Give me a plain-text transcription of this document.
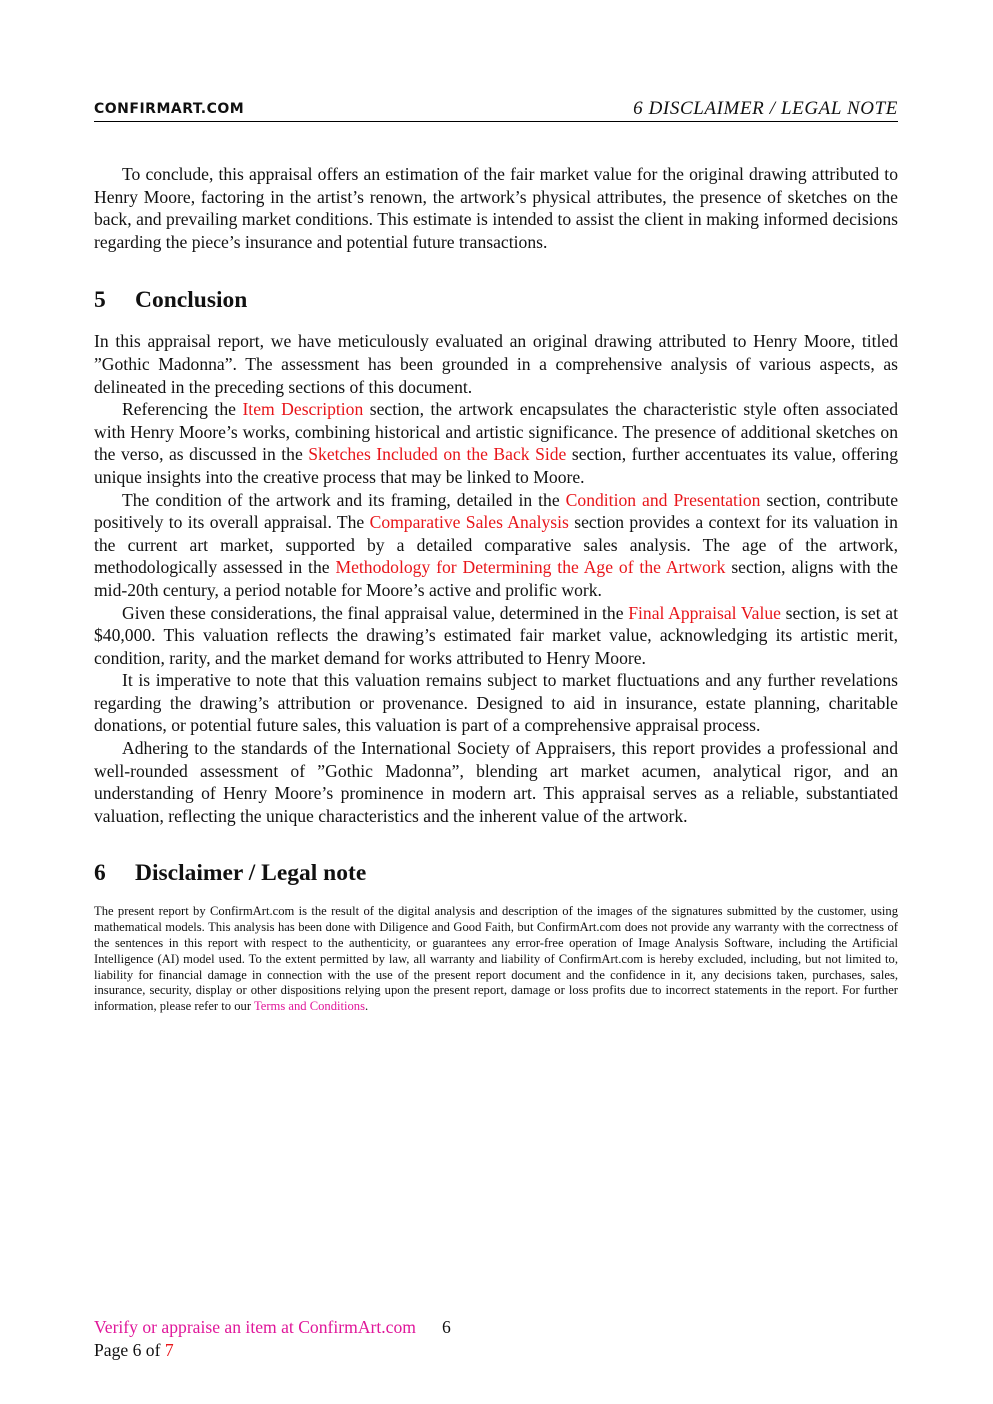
CONFIRMART.COM	6 DISCLAIMER / LEGAL NOTE

To conclude, this appraisal offers an estimation of the fair market value for the original drawing attributed to Henry Moore, factoring in the artist’s renown, the artwork’s physical attributes, the presence of sketches on the back, and prevailing market conditions. This estimate is intended to assist the client in making informed decisions regarding the piece’s insurance and potential future transactions.

5 Conclusion

In this appraisal report, we have meticulously evaluated an original drawing attributed to Henry Moore, titled ”Gothic Madonna”. The assessment has been grounded in a comprehensive analysis of various aspects, as delineated in the preceding sections of this document.

Referencing the Item Description section, the artwork encapsulates the characteristic style often associated with Henry Moore’s works, combining historical and artistic significance. The presence of additional sketches on the verso, as discussed in the Sketches Included on the Back Side section, further accentuates its value, offering unique insights into the creative process that may be linked to Moore.

The condition of the artwork and its framing, detailed in the Condition and Presentation section, contribute positively to its overall appraisal. The Comparative Sales Analysis section provides a context for its valuation in the current art market, supported by a detailed comparative sales analysis. The age of the artwork, methodologically assessed in the Methodology for Determining the Age of the Artwork section, aligns with the mid-20th century, a period notable for Moore’s active and prolific work.

Given these considerations, the final appraisal value, determined in the Final Appraisal Value section, is set at $40,000. This valuation reflects the drawing’s estimated fair market value, acknowledging its artistic merit, condition, rarity, and the market demand for works attributed to Henry Moore.

It is imperative to note that this valuation remains subject to market fluctuations and any further revelations regarding the drawing’s attribution or provenance. Designed to aid in insurance, estate planning, charitable donations, or potential future sales, this valuation is part of a comprehensive appraisal process.

Adhering to the standards of the International Society of Appraisers, this report provides a professional and well-rounded assessment of ”Gothic Madonna”, blending art market acumen, analytical rigor, and an understanding of Henry Moore’s prominence in modern art. This appraisal serves as a reliable, substantiated valuation, reflecting the unique characteristics and the inherent value of the artwork.

6 Disclaimer / Legal note

The present report by ConfirmArt.com is the result of the digital analysis and description of the images of the signatures submitted by the customer, using mathematical models. This analysis has been done with Diligence and Good Faith, but ConfirmArt.com does not provide any warranty with the correctness of the sentences in this report with respect to the authenticity, or guarantees any error-free operation of Image Analysis Software, including the Artificial Intelligence (AI) model used. To the extent permitted by law, all warranty and liability of ConfirmArt.com is hereby excluded, including, but not limited to, liability for financial damage in connection with the use of the present report document and the confidence in it, any decisions taken, purchases, sales, insurance, security, display or other dispositions relying upon the present report, damage or loss profits due to incorrect statements in the report. For further information, please refer to our Terms and Conditions.

Verify or appraise an item at ConfirmArt.com 6
Page 6 of 7
